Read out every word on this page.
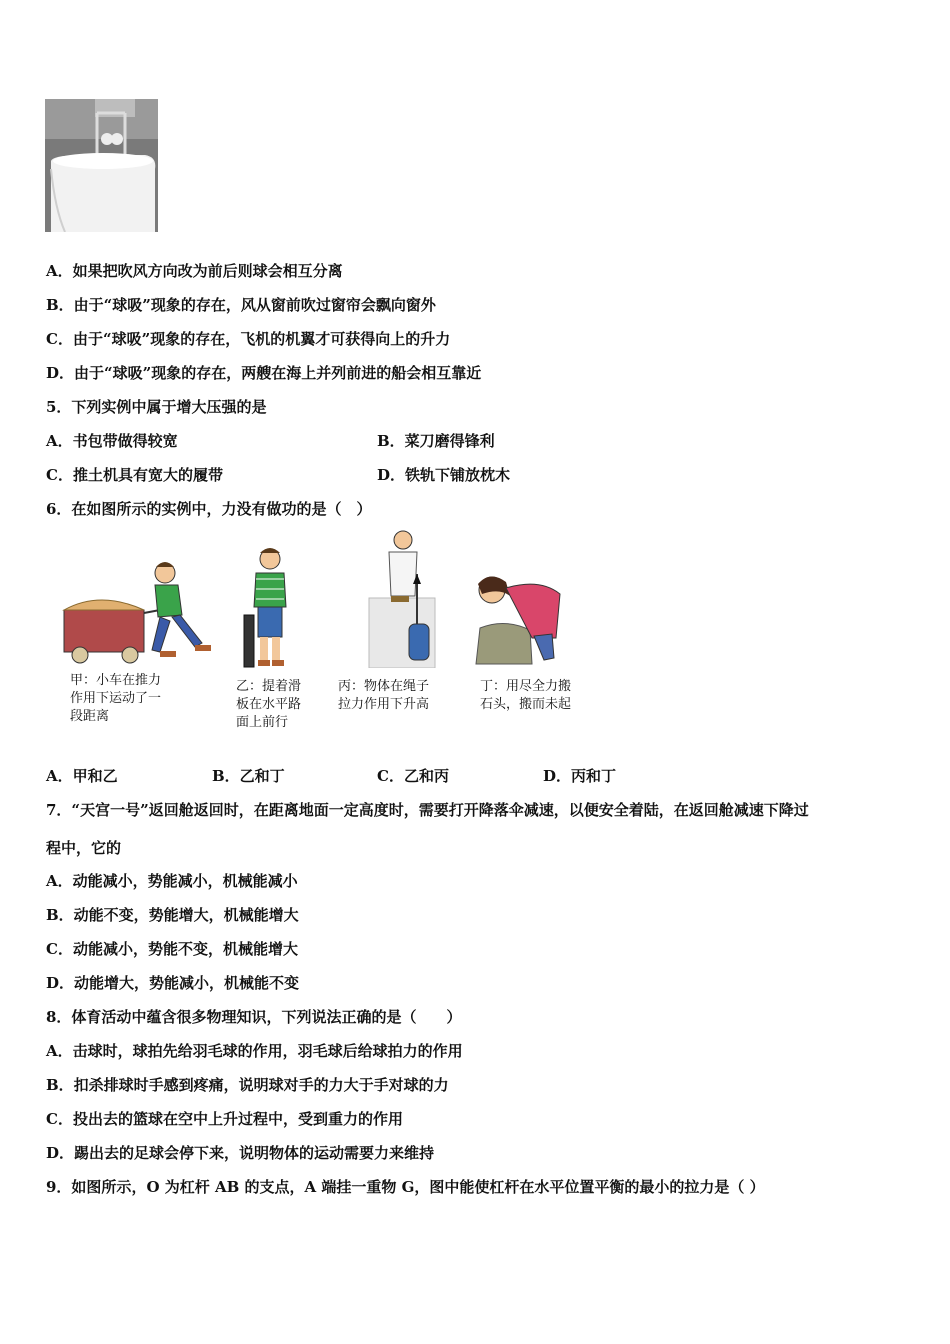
A．如果把吹风方向改为前后则球会相互分离
B．由于“球吸”现象的存在，风从窗前吹过窗帘会飘向窗外
C．由于“球吸”现象的存在，飞机的机翼才可获得向上的升力
D．由于“球吸”现象的存在，两艘在海上并列前进的船会相互靠近
5．下列实例中属于增大压强的是
A．书包带做得较宽	B．菜刀磨得锋利
C．推土机具有宽大的履带	D．铁轨下铺放枕木
6．在如图所示的实例中，力没有做功的是（　）
甲：小车在推力
作用下运动了一
段距离
乙：提着滑
板在水平路
面上前行
丙：物体在绳子
拉力作用下升高
丁：用尽全力搬
石头，搬而未起
A．甲和乙	B．乙和丁	C．乙和丙	D．丙和丁
7．“天宫一号”返回舱返回时，在距离地面一定高度时，需要打开降落伞减速，以便安全着陆，在返回舱减速下降过
程中，它的
A．动能减小，势能减小，机械能减小
B．动能不变，势能增大，机械能增大
C．动能减小，势能不变，机械能增大
D．动能增大，势能减小，机械能不变
8．体育活动中蕴含很多物理知识，下列说法正确的是（　　）
A．击球时，球拍先给羽毛球的作用，羽毛球后给球拍力的作用
B．扣杀排球时手感到疼痛，说明球对手的力大于手对球的力
C．投出去的篮球在空中上升过程中，受到重力的作用
D．踢出去的足球会停下来，说明物体的运动需要力来维持
9．如图所示，O 为杠杆 AB 的支点，A 端挂一重物 G，图中能使杠杆在水平位置平衡的最小的拉力是（ ）
